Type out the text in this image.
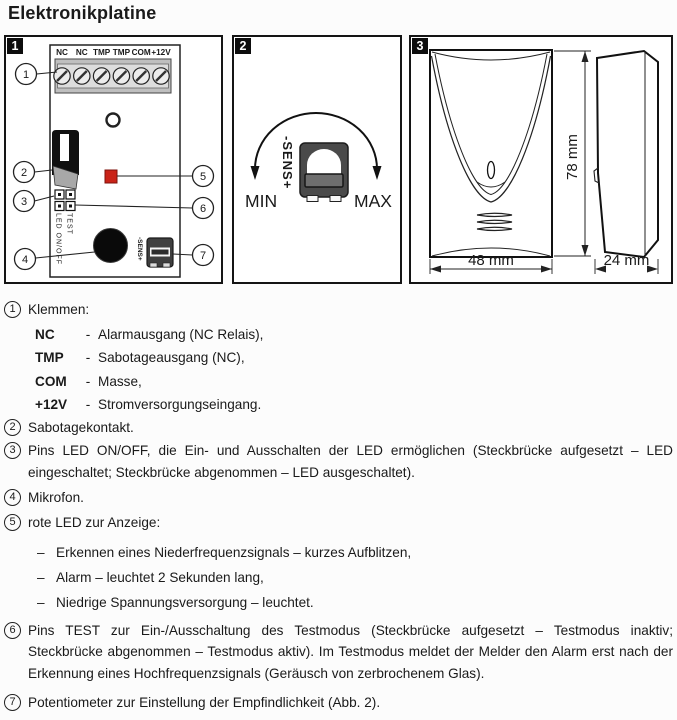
Elektronikplatine
NC NC TMP TMP COM +12V
LED ON/OFF TEST
-SENS+
1
2
3
4
5
6
7
1
-SENS+
MIN	MAX
2
78 mm
48 mm	24 mm
3
1 Klemmen:
NC	- Alarmausgang (NC Relais),
TMP	- Sabotageausgang (NC),
COM	- Masse,
+12V	- Stromversorgungseingang.
2 Sabotagekontakt.
3 Pins LED ON/OFF, die Ein- und Ausschalten der LED ermöglichen (Steckbrücke aufgesetzt – LED eingeschaltet; Steckbrücke abgenommen – LED ausgeschaltet).
4 Mikrofon.
5 rote LED zur Anzeige:
– Erkennen eines Niederfrequenzsignals – kurzes Aufblitzen,
– Alarm – leuchtet 2 Sekunden lang,
– Niedrige Spannungsversorgung – leuchtet.
6 Pins TEST zur Ein-/Ausschaltung des Testmodus (Steckbrücke aufgesetzt – Testmodus inaktiv; Steckbrücke abgenommen – Testmodus aktiv). Im Testmodus meldet der Melder den Alarm erst nach der Erkennung eines Hochfrequenzsignals (Geräusch von zerbrochenem Glas).
7 Potentiometer zur Einstellung der Empfindlichkeit (Abb. 2).
